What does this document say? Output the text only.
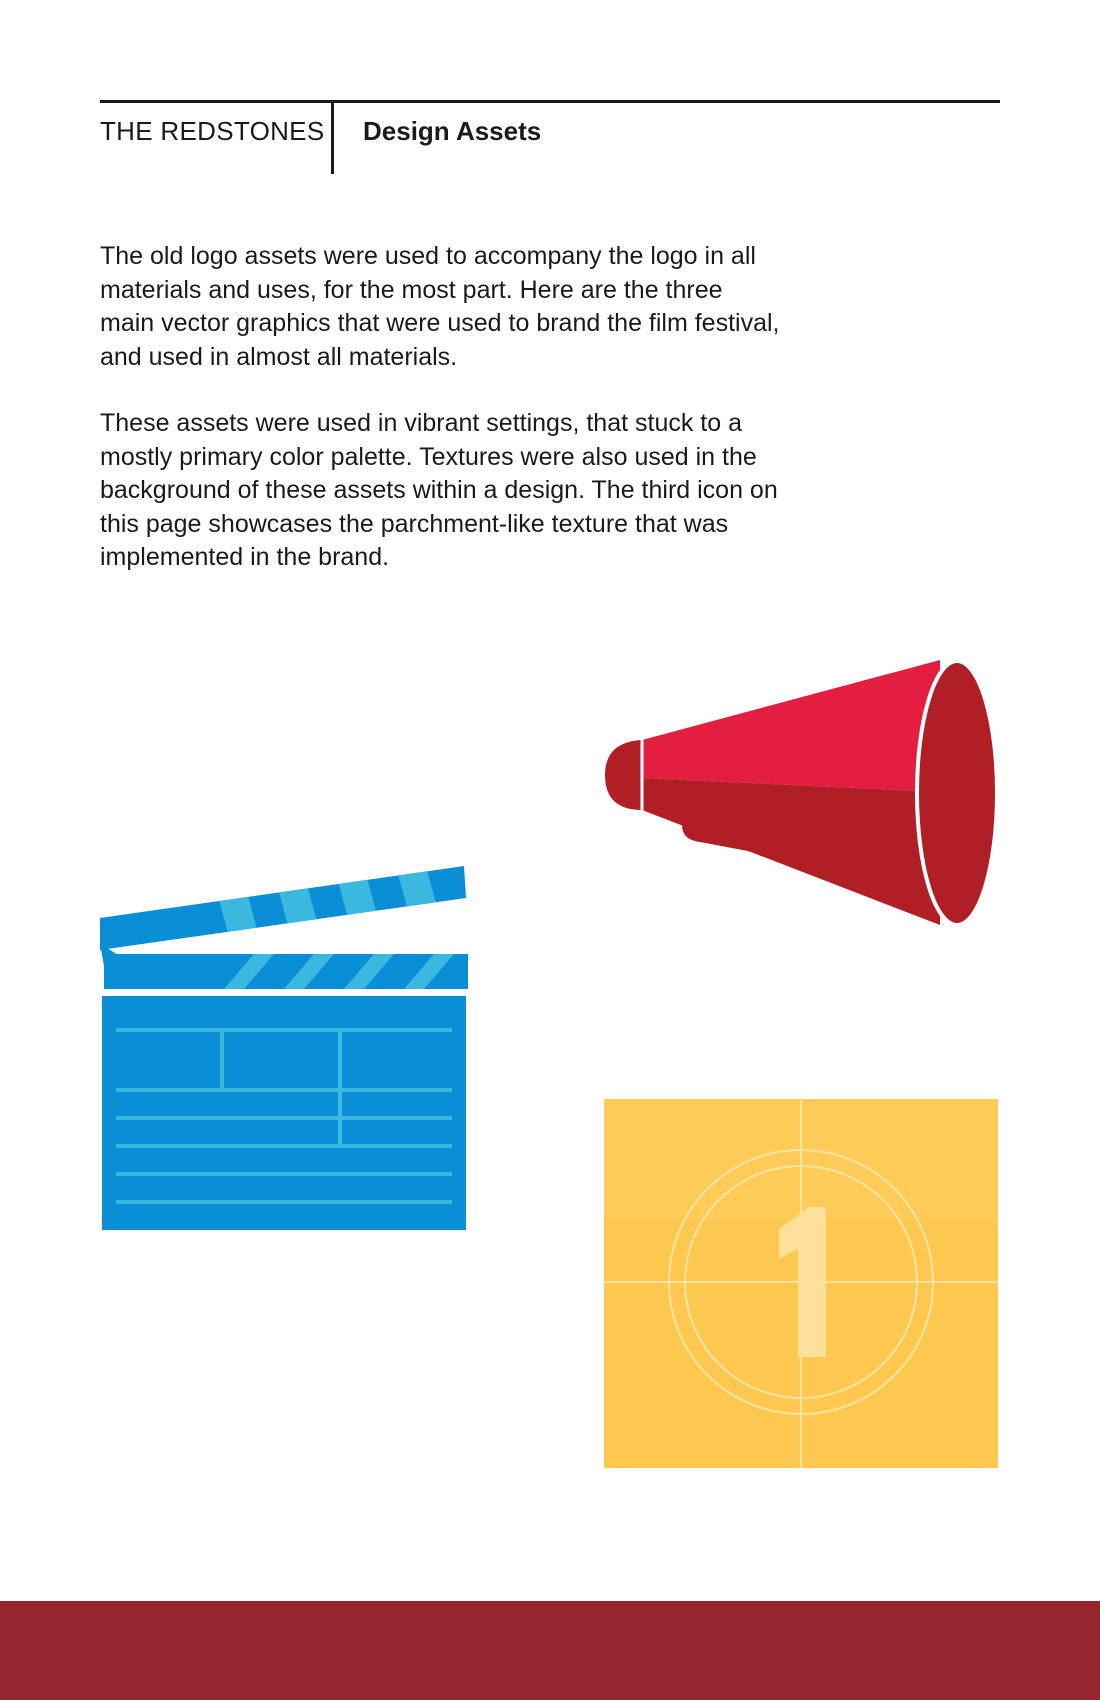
THE REDSTONES Design Assets

The old logo assets were used to accompany the logo in all materials and uses, for the most part. Here are the three main vector graphics that were used to brand the film festival, and used in almost all materials.

These assets were used in vibrant settings, that stuck to a mostly primary color palette. Textures were also used in the background of these assets within a design. The third icon on this page showcases the parchment-like texture that was implemented in the brand.
